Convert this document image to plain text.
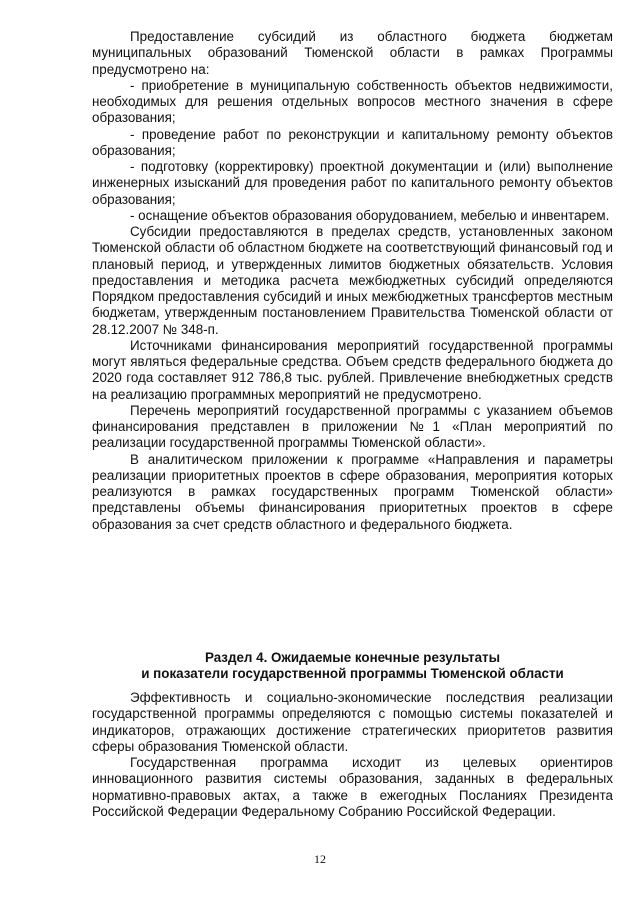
Предоставление субсидий из областного бюджета бюджетам муниципальных образований Тюменской области в рамках Программы предусмотрено на:

- приобретение в муниципальную собственность объектов недвижимости, необходимых для решения отдельных вопросов местного значения в сфере образования;

- проведение работ по реконструкции и капитальному ремонту объектов образования;

- подготовку (корректировку) проектной документации и (или) выполнение инженерных изысканий для проведения работ по капитального ремонту объектов образования;

- оснащение объектов образования оборудованием, мебелью и инвентарем.

Субсидии предоставляются в пределах средств, установленных законом Тюменской области об областном бюджете на соответствующий финансовый год и плановый период, и утвержденных лимитов бюджетных обязательств. Условия предоставления и методика расчета межбюджетных субсидий определяются Порядком предоставления субсидий и иных межбюджетных трансфертов местным бюджетам, утвержденным постановлением Правительства Тюменской области от 28.12.2007 № 348-п.

Источниками финансирования мероприятий государственной программы могут являться федеральные средства. Объем средств федерального бюджета до 2020 года составляет 912 786,8 тыс. рублей. Привлечение внебюджетных средств на реализацию программных мероприятий не предусмотрено.

Перечень мероприятий государственной программы с указанием объемов финансирования представлен в приложении №1 «План мероприятий по реализации государственной программы Тюменской области».

В аналитическом приложении к программе «Направления и параметры реализации приоритетных проектов в сфере образования, мероприятия которых реализуются в рамках государственных программ Тюменской области» представлены объемы финансирования приоритетных проектов в сфере образования за счет средств областного и федерального бюджета.

Раздел 4. Ожидаемые конечные результаты
и показатели государственной программы Тюменской области

Эффективность и социально-экономические последствия реализации государственной программы определяются с помощью системы показателей и индикаторов, отражающих достижение стратегических приоритетов развития сферы образования Тюменской области.

Государственная программа исходит из целевых ориентиров инновационного развития системы образования, заданных в федеральных нормативно-правовых актах, а также в ежегодных Посланиях Президента Российской Федерации Федеральному Собранию Российской Федерации.

12
